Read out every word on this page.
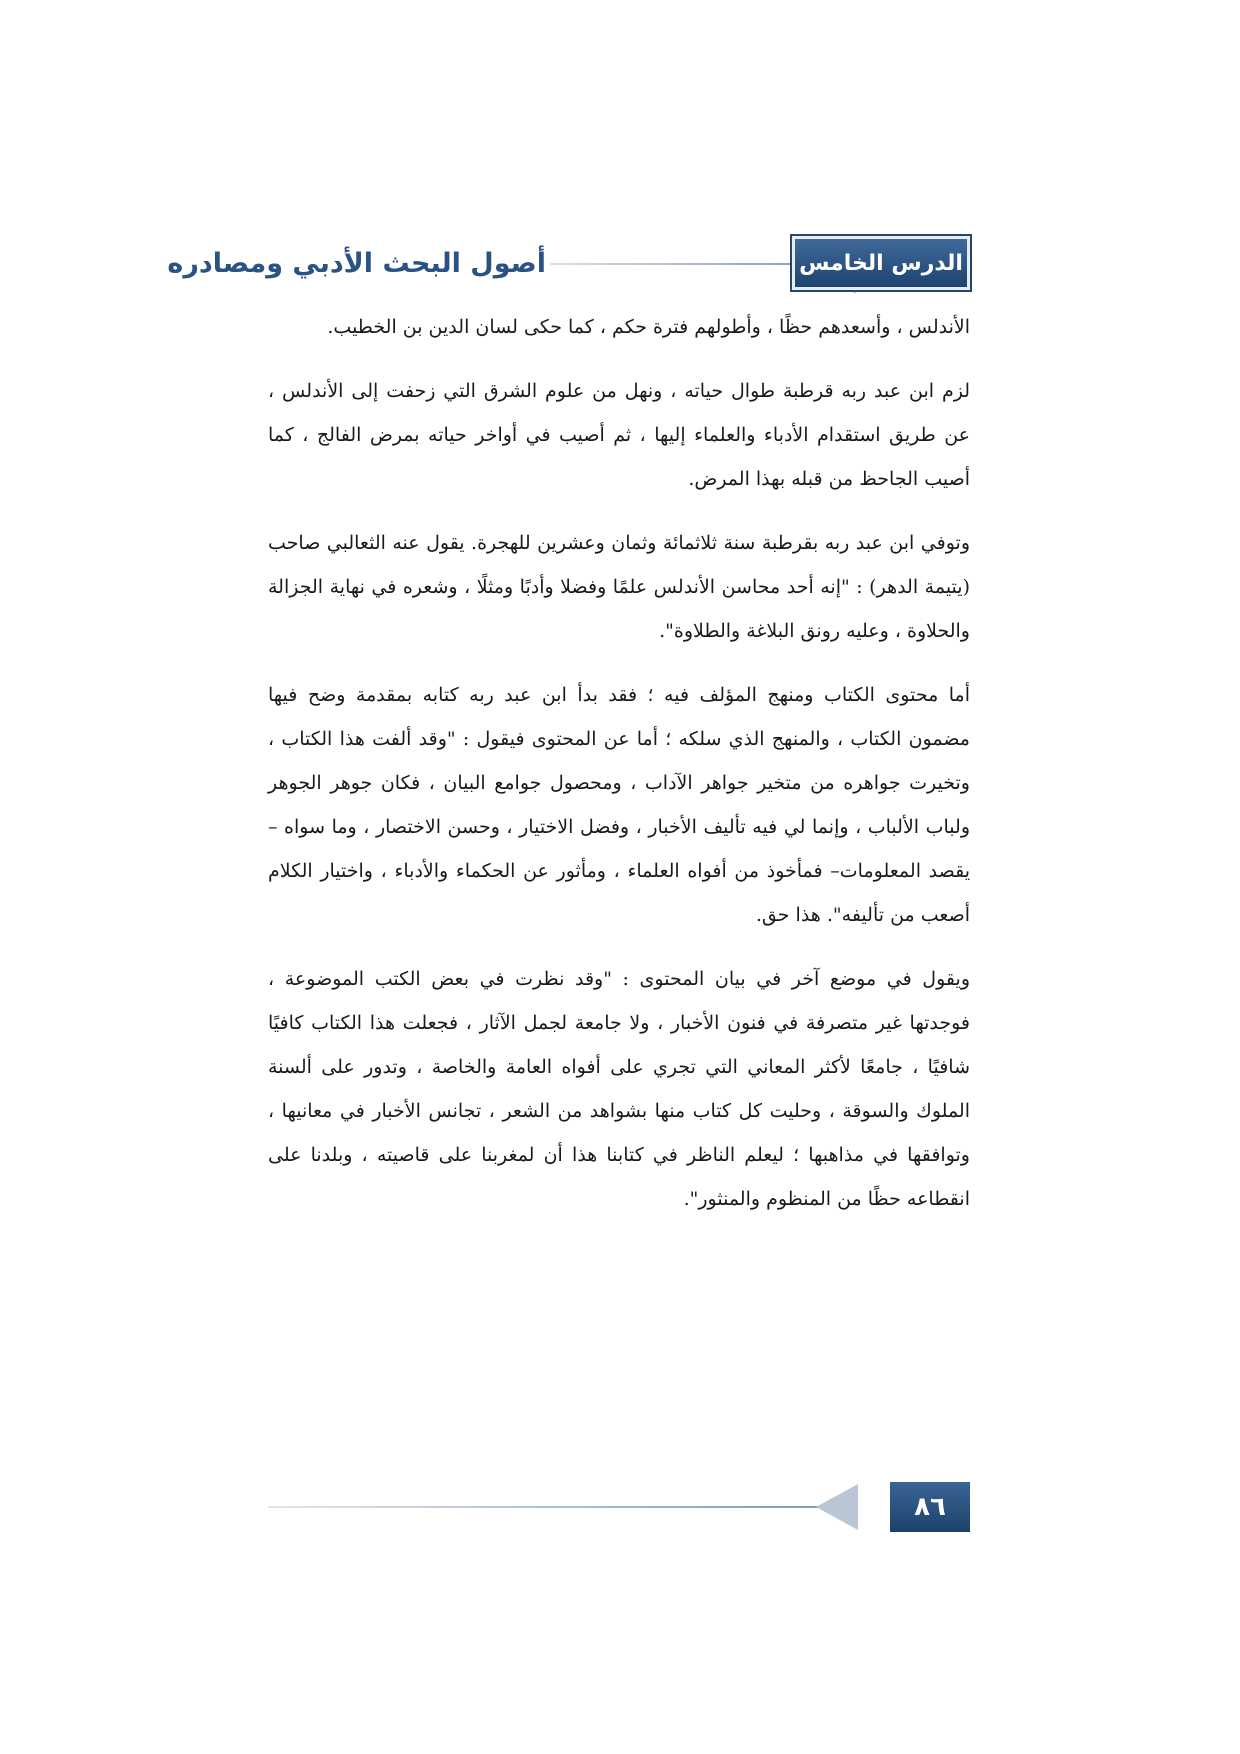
الدرس الخامس
أصول البحث الأدبي ومصادره

الأندلس ، وأسعدهم حظًا ، وأطولهم فترة حكم ، كما حكى لسان الدين بن الخطيب.

لزم ابن عبد ربه قرطبة طوال حياته ، ونهل من علوم الشرق التي زحفت إلى الأندلس ، عن طريق استقدام الأدباء والعلماء إليها ، ثم أصيب في أواخر حياته بمرض الفالج ، كما أصيب الجاحظ من قبله بهذا المرض.

وتوفي ابن عبد ربه بقرطبة سنة ثلاثمائة وثمان وعشرين للهجرة. يقول عنه الثعالبي صاحب (يتيمة الدهر) : "إنه أحد محاسن الأندلس علمًا وفضلا وأدبًا ومثلًا ، وشعره في نهاية الجزالة والحلاوة ، وعليه رونق البلاغة والطلاوة".

أما محتوى الكتاب ومنهج المؤلف فيه ؛ فقد بدأ ابن عبد ربه كتابه بمقدمة وضح فيها مضمون الكتاب ، والمنهج الذي سلكه ؛ أما عن المحتوى فيقول : "وقد ألفت هذا الكتاب ، وتخيرت جواهره من متخير جواهر الآداب ، ومحصول جوامع البيان ، فكان جوهر الجوهر ولباب الألباب ، وإنما لي فيه تأليف الأخبار ، وفضل الاختيار ، وحسن الاختصار ، وما سواه –يقصد المعلومات– فمأخوذ من أفواه العلماء ، ومأثور عن الحكماء والأدباء ، واختيار الكلام أصعب من تأليفه". هذا حق.

ويقول في موضع آخر في بيان المحتوى : "وقد نظرت في بعض الكتب الموضوعة ، فوجدتها غير متصرفة في فنون الأخبار ، ولا جامعة لجمل الآثار ، فجعلت هذا الكتاب كافيًا شافيًا ، جامعًا لأكثر المعاني التي تجري على أفواه العامة والخاصة ، وتدور على ألسنة الملوك والسوقة ، وحليت كل كتاب منها بشواهد من الشعر ، تجانس الأخبار في معانيها ، وتوافقها في مذاهبها ؛ ليعلم الناظر في كتابنا هذا أن لمغربنا على قاصيته ، وبلدنا على انقطاعه حظًا من المنظوم والمنثور".

٨٦
